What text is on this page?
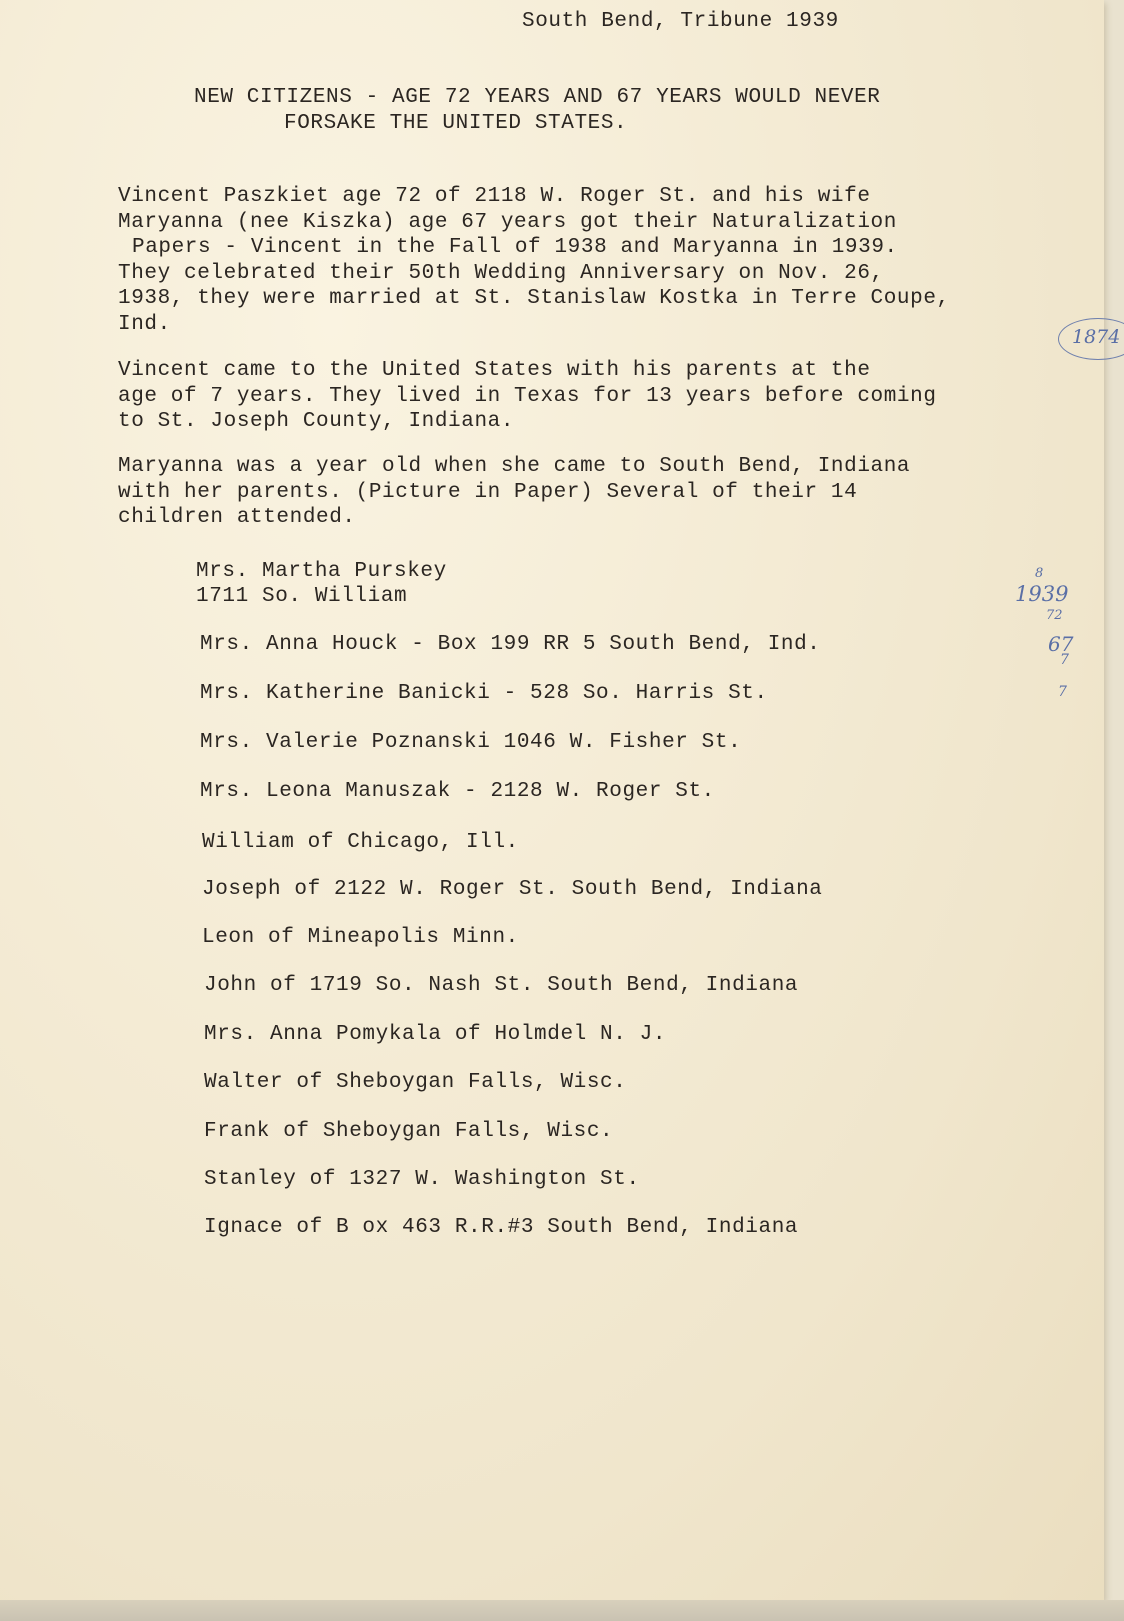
South Bend, Tribune 1939
NEW CITIZENS - AGE 72 YEARS AND 67 YEARS WOULD NEVER
FORSAKE THE UNITED STATES.
Vincent Paszkiet age 72 of 2118 W. Roger St. and his wife
Maryanna (nee Kiszka) age 67 years got their Naturalization
Papers - Vincent in the Fall of 1938 and Maryanna in 1939.
They celebrated their 50th Wedding Anniversary on Nov. 26,
1938, they were married at St. Stanislaw Kostka in Terre Coupe,
Ind.
Vincent came to the United States with his parents at the
age of 7 years. They lived in Texas for 13 years before coming
to St. Joseph County, Indiana.
Maryanna was a year old when she came to South Bend, Indiana
with her parents. (Picture in Paper) Several of their 14
children attended.
Mrs. Martha Purskey
1711 So. William
Mrs. Anna Houck - Box 199 RR 5 South Bend, Ind.
Mrs. Katherine Banicki - 528 So. Harris St.
Mrs. Valerie Poznanski 1046 W. Fisher St.
Mrs. Leona Manuszak - 2128 W. Roger St.
William of Chicago, Ill.
Joseph of 2122 W. Roger St. South Bend, Indiana
Leon of Mineapolis Minn.
John of 1719 So. Nash St. South Bend, Indiana
Mrs. Anna Pomykala of Holmdel N. J.
Walter of Sheboygan Falls, Wisc.
Frank of Sheboygan Falls, Wisc.
Stanley of 1327 W. Washington St.
Ignace of B ox 463 R.R.#3 South Bend, Indiana
1874
8
1939
72
67
7
7
